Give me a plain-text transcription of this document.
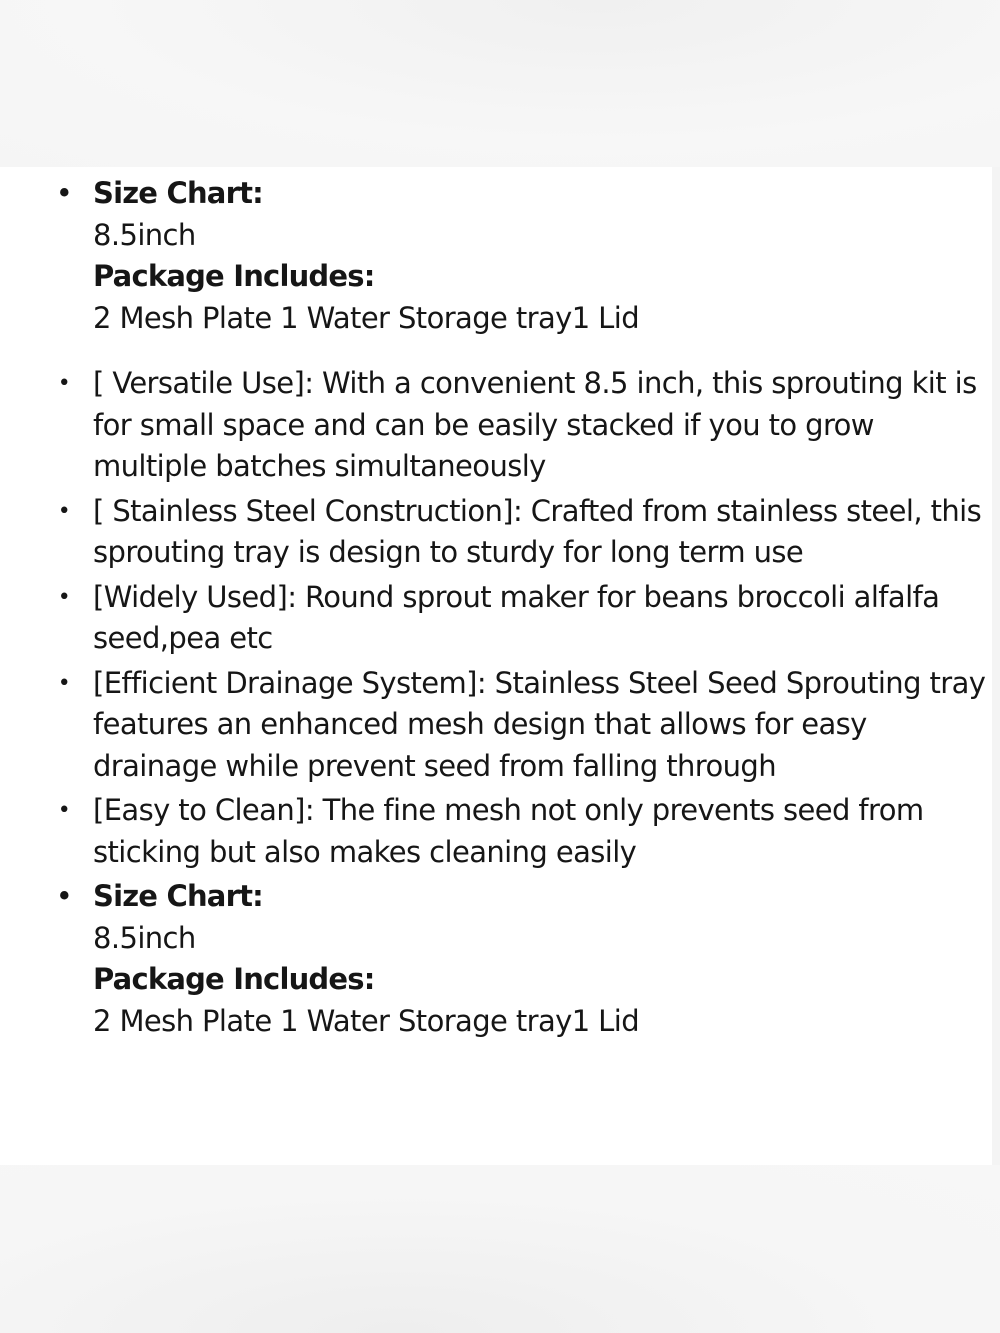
• Size Chart:
8.5inch
Package Includes:
2 Mesh Plate 1 Water Storage tray1 Lid
• [ Versatile Use]: With a convenient 8.5 inch, this sprouting kit is for small space and can be easily stacked if you to grow multiple batches simultaneously
• [ Stainless Steel Construction]: Crafted from stainless steel, this sprouting tray is design to sturdy for long term use
• [Widely Used]: Round sprout maker for beans broccoli alfalfa seed,pea etc
• [Efficient Drainage System]: Stainless Steel Seed Sprouting tray features an enhanced mesh design that allows for easy drainage while prevent seed from falling through
• [Easy to Clean]: The fine mesh not only prevents seed from sticking but also makes cleaning easily
• Size Chart:
8.5inch
Package Includes:
2 Mesh Plate 1 Water Storage tray1 Lid
